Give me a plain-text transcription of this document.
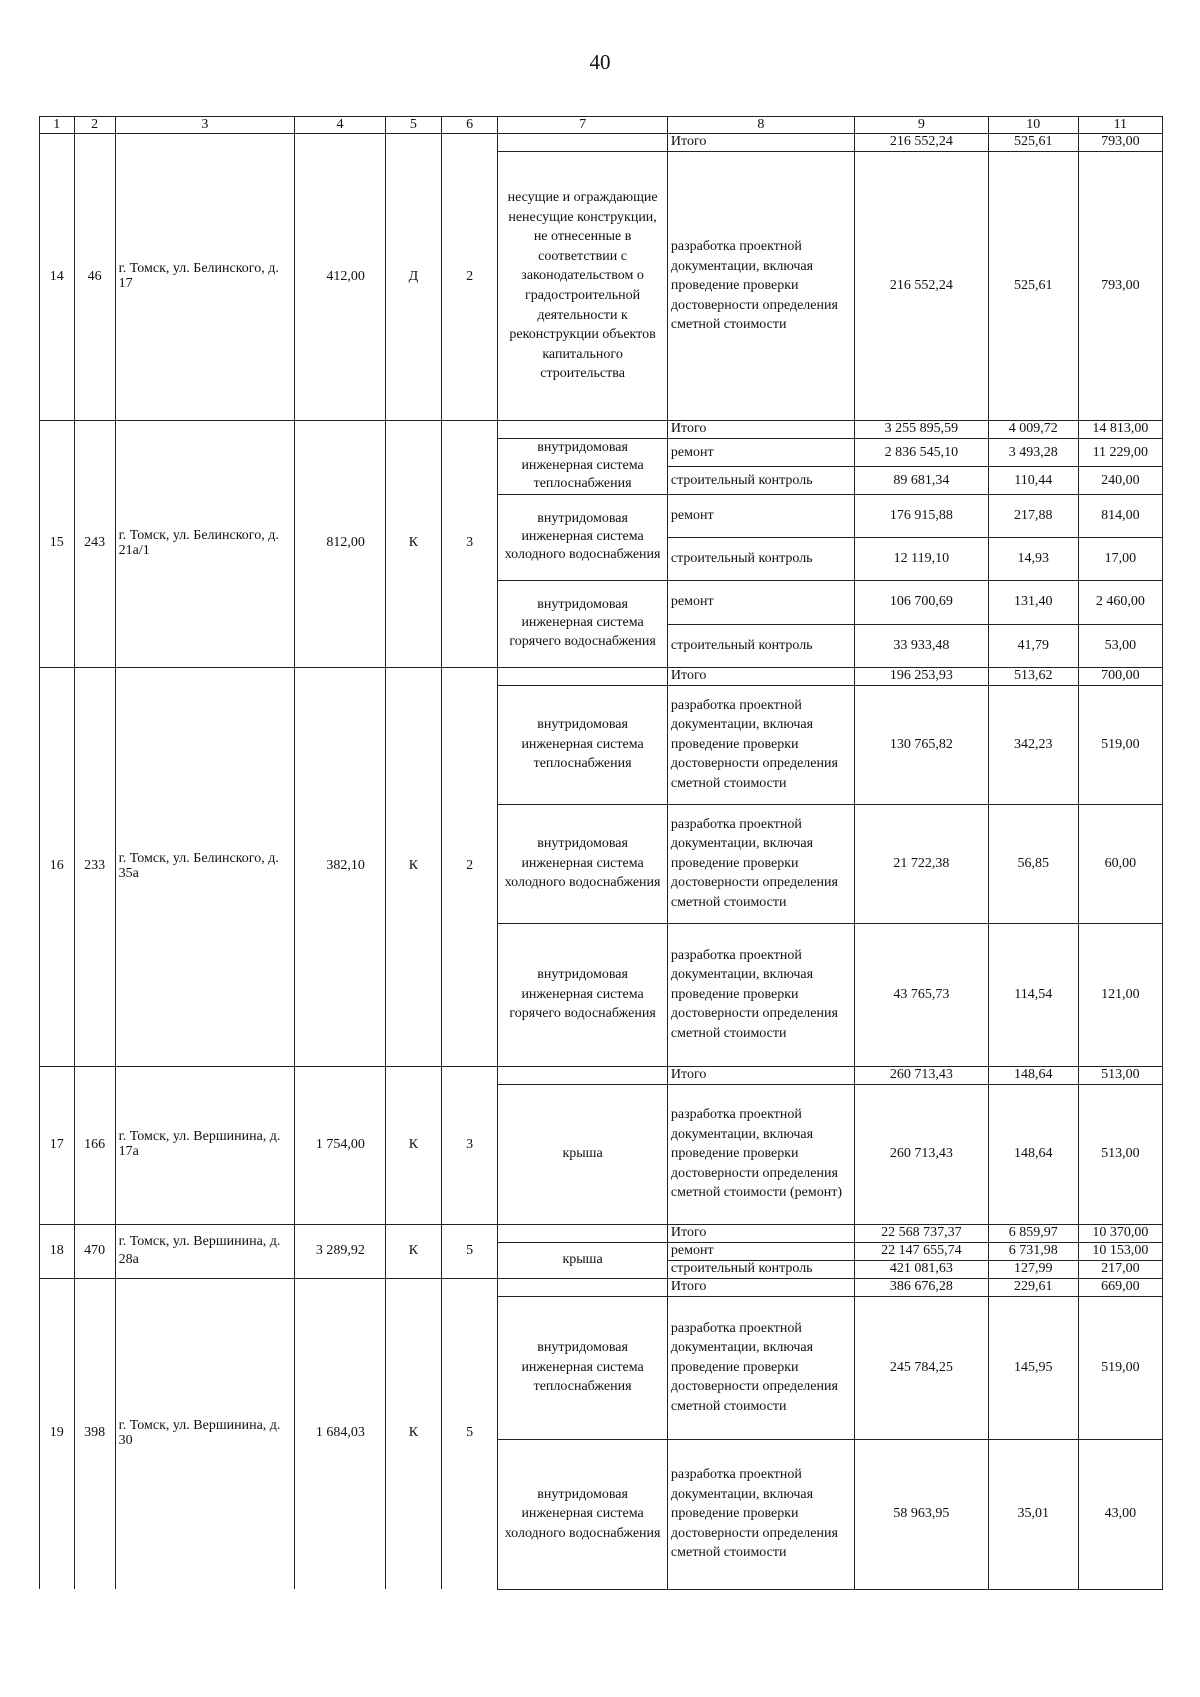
40
1	2	3	4	5	6	7	8	9	10	11
14	46	г. Томск, ул. Белинского, д. 17	412,00	Д	2		Итого	216 552,24	525,61	793,00
						несущие и ограждающие ненесущие конструкции, не отнесенные в соответствии с законодательством о градостроительной деятельности к реконструкции объектов капитального строительства	разработка проектной документации, включая проведение проверки достоверности определения сметной стоимости	216 552,24	525,61	793,00
15	243	г. Томск, ул. Белинского, д. 21а/1	812,00	К	3		Итого	3 255 895,59	4 009,72	14 813,00
						внутридомовая инженерная система теплоснабжения	ремонт	2 836 545,10	3 493,28	11 229,00
							строительный контроль	89 681,34	110,44	240,00
						внутридомовая инженерная система холодного водоснабжения	ремонт	176 915,88	217,88	814,00
							строительный контроль	12 119,10	14,93	17,00
						внутридомовая инженерная система горячего водоснабжения	ремонт	106 700,69	131,40	2 460,00
							строительный контроль	33 933,48	41,79	53,00
16	233	г. Томск, ул. Белинского, д. 35а	382,10	К	2		Итого	196 253,93	513,62	700,00
						внутридомовая инженерная система теплоснабжения	разработка проектной документации, включая проведение проверки достоверности определения сметной стоимости	130 765,82	342,23	519,00
						внутридомовая инженерная система холодного водоснабжения	разработка проектной документации, включая проведение проверки достоверности определения сметной стоимости	21 722,38	56,85	60,00
						внутридомовая инженерная система горячего водоснабжения	разработка проектной документации, включая проведение проверки достоверности определения сметной стоимости	43 765,73	114,54	121,00
17	166	г. Томск, ул. Вершинина, д. 17а	1 754,00	К	3		Итого	260 713,43	148,64	513,00
						крыша	разработка проектной документации, включая проведение проверки достоверности определения сметной стоимости (ремонт)	260 713,43	148,64	513,00
18	470	г. Томск, ул. Вершинина, д. 28а	3 289,92	К	5		Итого	22 568 737,37	6 859,97	10 370,00
						крыша	ремонт	22 147 655,74	6 731,98	10 153,00
							строительный контроль	421 081,63	127,99	217,00
19	398	г. Томск, ул. Вершинина, д. 30	1 684,03	К	5		Итого	386 676,28	229,61	669,00
						внутридомовая инженерная система теплоснабжения	разработка проектной документации, включая проведение проверки достоверности определения сметной стоимости	245 784,25	145,95	519,00
						внутридомовая инженерная система холодного водоснабжения	разработка проектной документации, включая проведение проверки достоверности определения сметной стоимости	58 963,95	35,01	43,00
